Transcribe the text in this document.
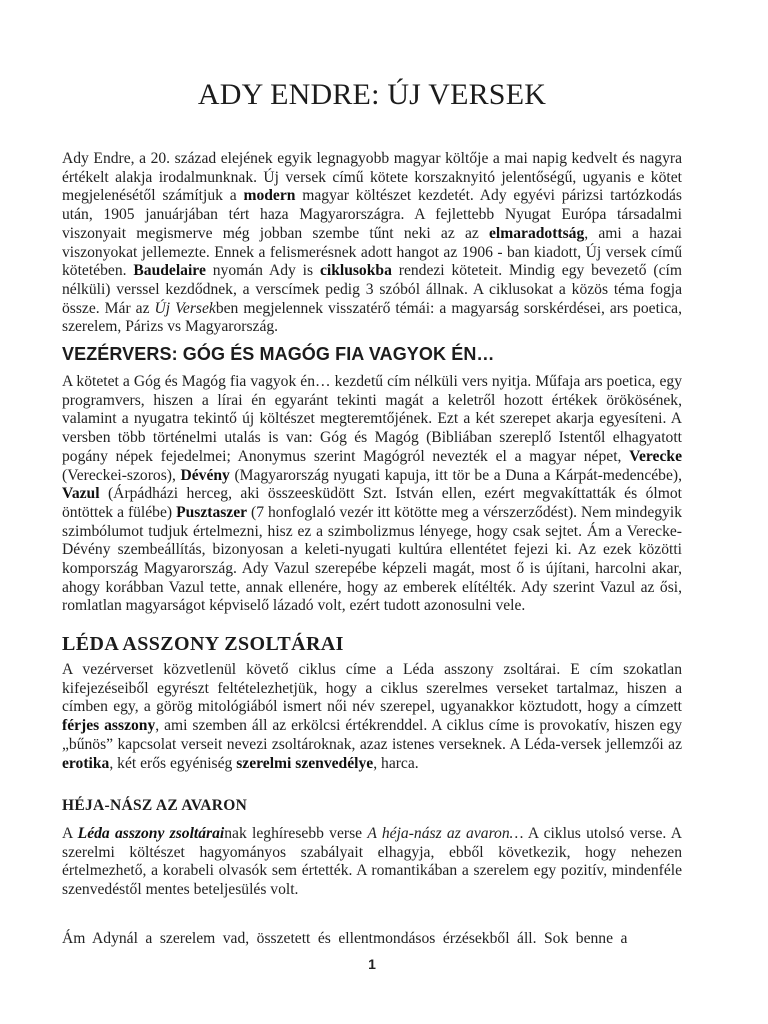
ADY ENDRE: ÚJ VERSEK

Ady Endre, a 20. század elejének egyik legnagyobb magyar költője a mai napig kedvelt és nagyra értékelt alakja irodalmunknak. Új versek című kötete korszaknyitó jelentőségű, ugyanis e kötet megjelenésétől számítjuk a modern magyar költészet kezdetét. Ady egyévi párizsi tartózkodás után, 1905 januárjában tért haza Magyarországra. A fejlettebb Nyugat Európa társadalmi viszonyait megismerve még jobban szembe tűnt neki az az elmaradottság, ami a hazai viszonyokat jellemezte. Ennek a felismerésnek adott hangot az 1906 - ban kiadott, Új versek című kötetében. Baudelaire nyomán Ady is ciklusokba rendezi köteteit. Mindig egy bevezető (cím nélküli) verssel kezdődnek, a verscímek pedig 3 szóból állnak. A ciklusokat a közös téma fogja össze. Már az Új Versekben megjelennek visszatérő témái: a magyarság sorskérdései, ars poetica, szerelem, Párizs vs Magyarország.

VEZÉRVERS: GÓG ÉS MAGÓG FIA VAGYOK ÉN…

A kötetet a Góg és Magóg fia vagyok én… kezdetű cím nélküli vers nyitja. Műfaja ars poetica, egy programvers, hiszen a lírai én egyaránt tekinti magát a keletről hozott értékek örökösének, valamint a nyugatra tekintő új költészet megteremtőjének. Ezt a két szerepet akarja egyesíteni. A versben több történelmi utalás is van: Góg és Magóg (Bibliában szereplő Istentől elhagyatott pogány népek fejedelmei; Anonymus szerint Magógról nevezték el a magyar népet, Verecke (Vereckei-szoros), Dévény (Magyarország nyugati kapuja, itt tör be a Duna a Kárpát-medencébe), Vazul (Árpádházi herceg, aki összeesküdött Szt. István ellen, ezért megvakíttatták és ólmot öntöttek a fülébe) Pusztaszer (7 honfoglaló vezér itt kötötte meg a vérszerződést). Nem mindegyik szimbólumot tudjuk értelmezni, hisz ez a szimbolizmus lényege, hogy csak sejtet. Ám a Verecke-Dévény szembeállítás, bizonyosan a keleti-nyugati kultúra ellentétet fejezi ki. Az ezek közötti kompország Magyarország. Ady Vazul szerepébe képzeli magát, most ő is újítani, harcolni akar, ahogy korábban Vazul tette, annak ellenére, hogy az emberek elítélték. Ady szerint Vazul az ősi, romlatlan magyarságot képviselő lázadó volt, ezért tudott azonosulni vele.

LÉDA ASSZONY ZSOLTÁRAI

A vezérverset közvetlenül követő ciklus címe a Léda asszony zsoltárai. E cím szokatlan kifejezéseiből egyrészt feltételezhetjük, hogy a ciklus szerelmes verseket tartalmaz, hiszen a címben egy, a görög mitológiából ismert női név szerepel, ugyanakkor köztudott, hogy a címzett férjes asszony, ami szemben áll az erkölcsi értékrenddel. A ciklus címe is provokatív, hiszen egy „bűnös” kapcsolat verseit nevezi zsoltároknak, azaz istenes verseknek. A Léda-versek jellemzői az erotika, két erős egyéniség szerelmi szenvedélye, harca.

HÉJA-NÁSZ AZ AVARON

A Léda asszony zsoltárainak leghíresebb verse A héja-nász az avaron… A ciklus utolsó verse. A szerelmi költészet hagyományos szabályait elhagyja, ebből következik, hogy nehezen értelmezhető, a korabeli olvasók sem értették. A romantikában a szerelem egy pozitív, mindenféle szenvedéstől mentes beteljesülés volt.

Ám Adynál a szerelem vad, összetett és ellentmondásos érzésekből áll. Sok benne a

1
